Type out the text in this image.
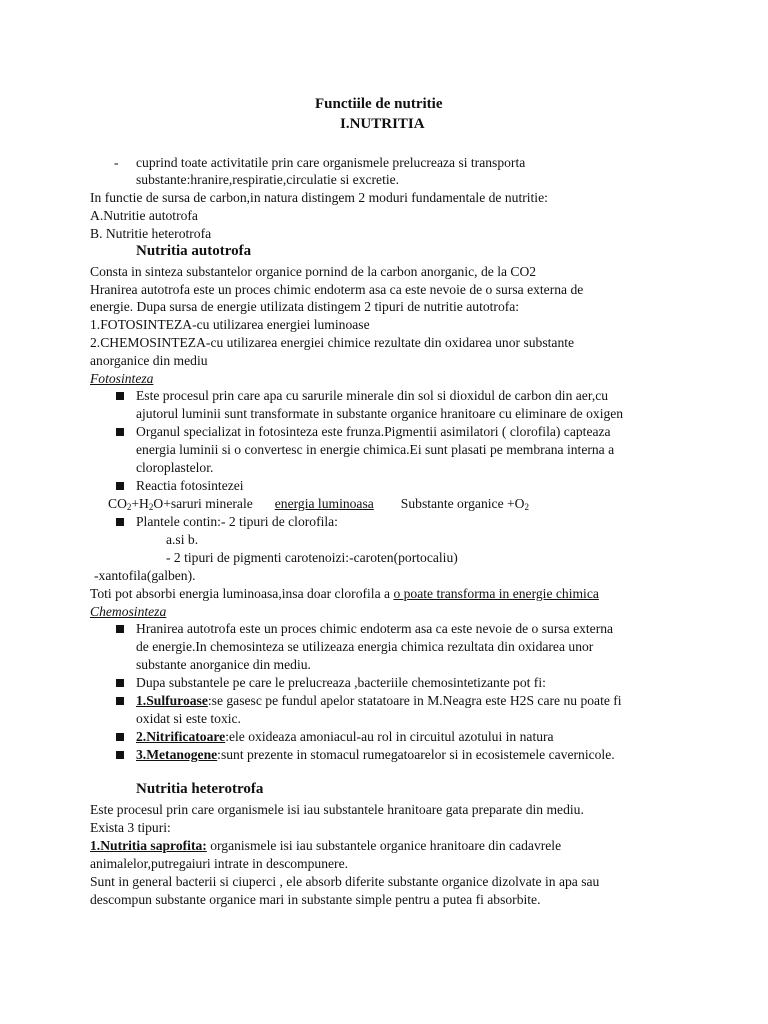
Functiile de nutritie
I.NUTRITIA
- cuprind toate activitatile prin care organismele prelucreaza si transporta
substante:hranire,respiratie,circulatie si excretie.
In functie de sursa de carbon,in natura distingem 2 moduri fundamentale de nutritie:
A.Nutritie autotrofa
B. Nutritie heterotrofa
Nutritia autotrofa
Consta in sinteza substantelor organice pornind de la carbon anorganic, de la CO2
Hranirea autotrofa este un proces chimic endoterm asa ca este nevoie de o sursa externa de
energie. Dupa sursa de energie utilizata distingem 2 tipuri de nutritie autotrofa:
1.FOTOSINTEZA-cu utilizarea energiei luminoase
2.CHEMOSINTEZA-cu utilizarea energiei chimice rezultate din oxidarea unor substante
anorganice din mediu
Fotosinteza
Este procesul prin care apa cu sarurile minerale din sol si dioxidul de carbon din aer,cu
ajutorul luminii sunt transformate in substante organice hranitoare cu eliminare de oxigen
Organul specializat in fotosinteza este frunza.Pigmentii asimilatori ( clorofila) capteaza
energia luminii si o convertesc in energie chimica.Ei sunt plasati pe membrana interna a
cloroplastelor.
Reactia fotosintezei
$CO_2+H_2O+saruri$ minerale energia luminoasa Substante organice $+O_2$
Plantele contin:- 2 tipuri de clorofila:
a.si b.
- 2 tipuri de pigmenti carotenoizi:-caroten(portocaliu)
-xantofila(galben).
Toti pot absorbi energia luminoasa,insa doar clorofila a o poate transforma in energie chimica
Chemosinteza
Hranirea autotrofa este un proces chimic endoterm asa ca este nevoie de o sursa externa
de energie.In chemosinteza se utilizeaza energia chimica rezultata din oxidarea unor
substante anorganice din mediu.
Dupa substantele pe care le prelucreaza ,bacteriile chemosintetizante pot fi:
1.Sulfuroase:se gasesc pe fundul apelor statatoare in M.Neagra este H2S care nu poate fi
oxidat si este toxic.
2.Nitrificatoare:ele oxideaza amoniacul-au rol in circuitul azotului in natura
3.Metanogene:sunt prezente in stomacul rumegatoarelor si in ecosistemele cavernicole.
Nutritia heterotrofa
Este procesul prin care organismele isi iau substantele hranitoare gata preparate din mediu.
Exista 3 tipuri:
1.Nutritia saprofita: organismele isi iau substantele organice hranitoare din cadavrele
animalelor,putregaiuri intrate in descompunere.
Sunt in general bacterii si ciuperci , ele absorb diferite substante organice dizolvate in apa sau
descompun substante organice mari in substante simple pentru a putea fi absorbite.
